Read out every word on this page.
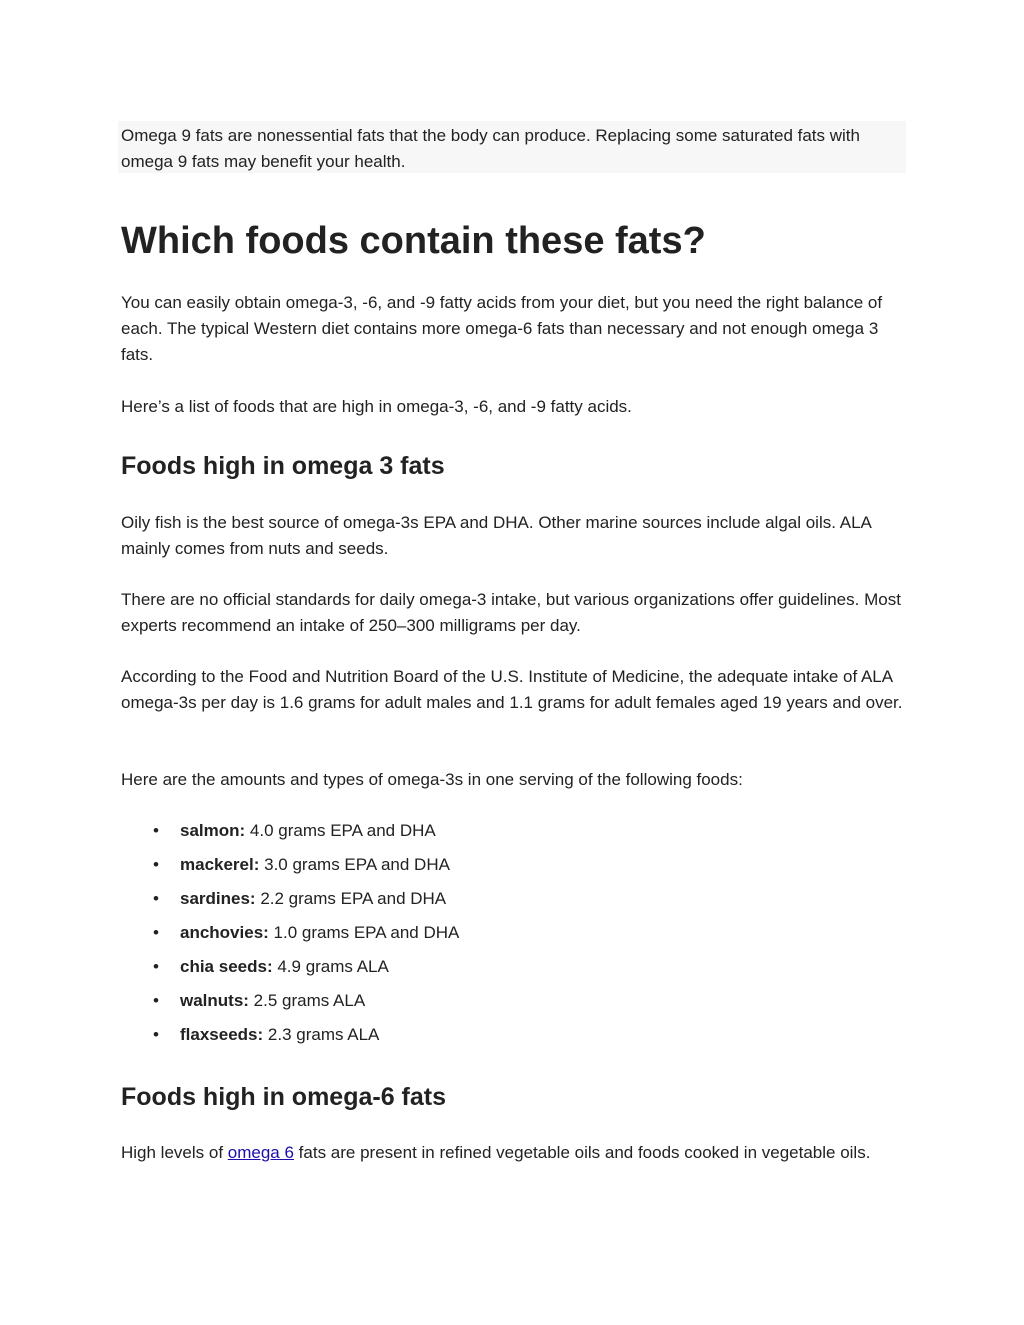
Omega 9 fats are nonessential fats that the body can produce. Replacing some saturated fats with omega 9 fats may benefit your health.
Which foods contain these fats?

You can easily obtain omega-3, -6, and -9 fatty acids from your diet, but you need the right balance of each. The typical Western diet contains more omega-6 fats than necessary and not enough omega 3 fats.

Here’s a list of foods that are high in omega-3, -6, and -9 fatty acids.

Foods high in omega 3 fats

Oily fish is the best source of omega-3s EPA and DHA. Other marine sources include algal oils. ALA mainly comes from nuts and seeds.

There are no official standards for daily omega-3 intake, but various organizations offer guidelines. Most experts recommend an intake of 250–300 milligrams per day.

According to the Food and Nutrition Board of the U.S. Institute of Medicine, the adequate intake of ALA omega-3s per day is 1.6 grams for adult males and 1.1 grams for adult females aged 19 years and over.

Here are the amounts and types of omega-3s in one serving of the following foods:

• salmon: 4.0 grams EPA and DHA
• mackerel: 3.0 grams EPA and DHA
• sardines: 2.2 grams EPA and DHA
• anchovies: 1.0 grams EPA and DHA
• chia seeds: 4.9 grams ALA
• walnuts: 2.5 grams ALA
• flaxseeds: 2.3 grams ALA
Foods high in omega-6 fats

High levels of omega 6 fats are present in refined vegetable oils and foods cooked in vegetable oils.
